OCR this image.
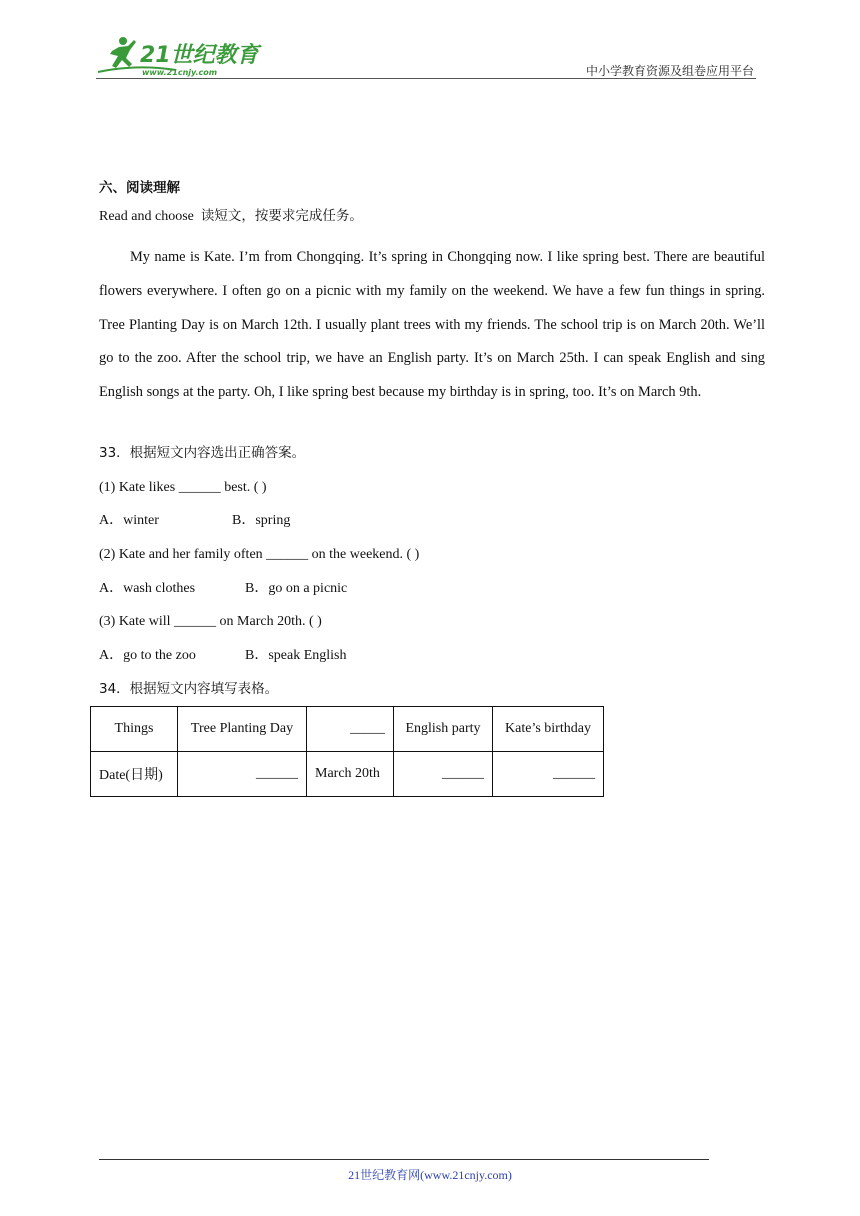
21世纪教育
www.21cnjy.com	中小学教育资源及组卷应用平台
六、阅读理解
Read and choose 读短文，按要求完成任务。
My name is Kate. I’m from Chongqing. It’s spring in Chongqing now. I like spring best. There are beautiful flowers everywhere. I often go on a picnic with my family on the weekend. We have a few fun things in spring. Tree Planting Day is on March 12th. I usually plant trees with my friends. The school trip is on March 20th. We’ll go to the zoo. After the school trip, we have an English party. It’s on March 25th. I can speak English and sing English songs at the party. Oh, I like spring best because my birthday is in spring, too. It’s on March 9th.
33．根据短文内容选出正确答案。
(1) Kate likes ______ best. ( )
A．winter	B．spring
(2) Kate and her family often ______ on the weekend. ( )
A．wash clothes	B．go on a picnic
(3) Kate will ______ on March 20th. ( )
A．go to the zoo	B．speak English
34．根据短文内容填写表格。
Things	Tree Planting Day	_____	English party	Kate’s birthday
Date(日期)	______	March 20th	______	______
21世纪教育网(www.21cnjy.com)
